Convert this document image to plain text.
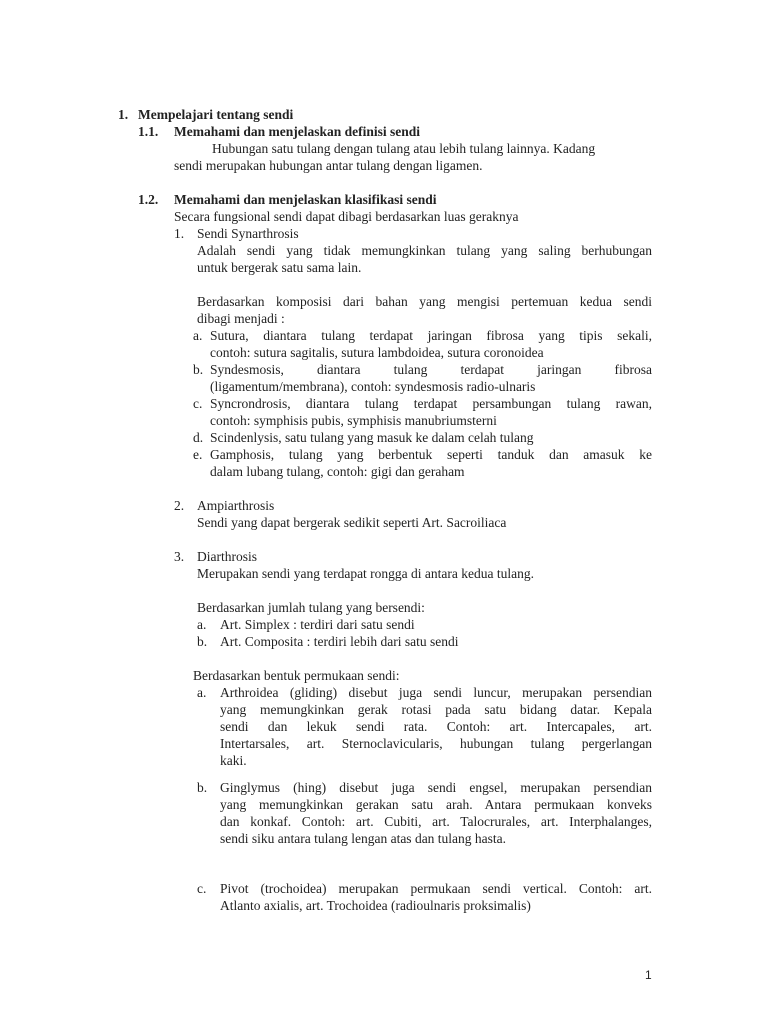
1. Mempelajari tentang sendi
1.1. Memahami dan menjelaskan definisi sendi
Hubungan satu tulang dengan tulang atau lebih tulang lainnya. Kadang
sendi merupakan hubungan antar tulang dengan ligamen.
1.2. Memahami dan menjelaskan klasifikasi sendi
Secara fungsional sendi dapat dibagi berdasarkan luas geraknya
1. Sendi Synarthrosis
Adalah sendi yang tidak memungkinkan tulang yang saling berhubungan
untuk bergerak satu sama lain.
Berdasarkan komposisi dari bahan yang mengisi pertemuan kedua sendi
dibagi menjadi :
a. Sutura, diantara tulang terdapat jaringan fibrosa yang tipis sekali,
contoh: sutura sagitalis, sutura lambdoidea, sutura coronoidea
b. Syndesmosis, diantara tulang terdapat jaringan fibrosa
(ligamentum/membrana), contoh: syndesmosis radio-ulnaris
c. Syncrondrosis, diantara tulang terdapat persambungan tulang rawan,
contoh: symphisis pubis, symphisis manubriumsterni
d. Scindenlysis, satu tulang yang masuk ke dalam celah tulang
e. Gamphosis, tulang yang berbentuk seperti tanduk dan amasuk ke
dalam lubang tulang, contoh: gigi dan geraham
2. Ampiarthrosis
Sendi yang dapat bergerak sedikit seperti Art. Sacroiliaca
3. Diarthrosis
Merupakan sendi yang terdapat rongga di antara kedua tulang.
Berdasarkan jumlah tulang yang bersendi:
a. Art. Simplex : terdiri dari satu sendi
b. Art. Composita : terdiri lebih dari satu sendi
Berdasarkan bentuk permukaan sendi:
a. Arthroidea (gliding) disebut juga sendi luncur, merupakan persendian
yang memungkinkan gerak rotasi pada satu bidang datar. Kepala
sendi dan lekuk sendi rata. Contoh: art. Intercapales, art.
Intertarsales, art. Sternoclavicularis, hubungan tulang pergerlangan
kaki.
b. Ginglymus (hing) disebut juga sendi engsel, merupakan persendian
yang memungkinkan gerakan satu arah. Antara permukaan konveks
dan konkaf. Contoh: art. Cubiti, art. Talocrurales, art. Interphalanges,
sendi siku antara tulang lengan atas dan tulang hasta.
c. Pivot (trochoidea) merupakan permukaan sendi vertical. Contoh: art.
Atlanto axialis, art. Trochoidea (radioulnaris proksimalis)
1
